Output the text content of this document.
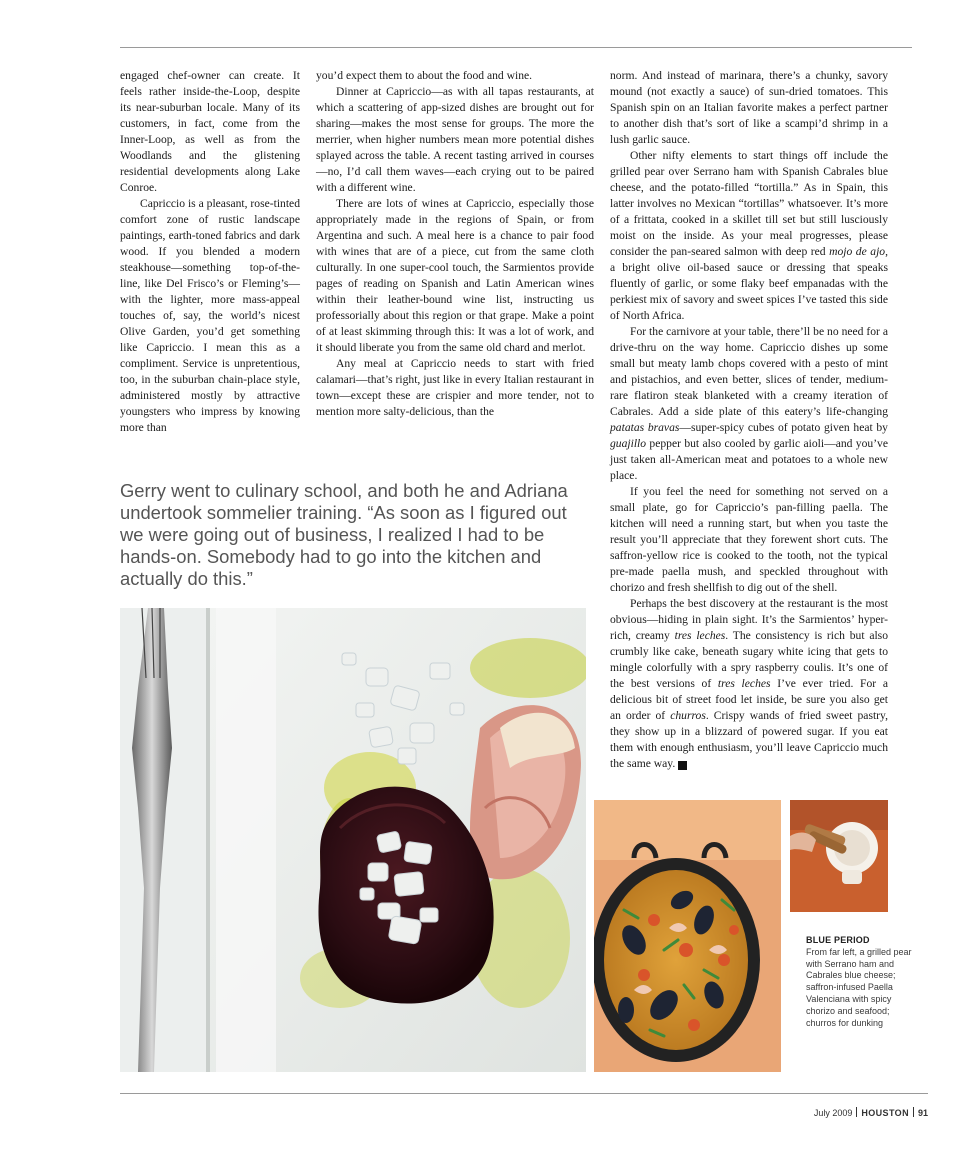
engaged chef-owner can create. It feels rather inside-the-Loop, despite its near-suburban locale. Many of its customers, in fact, come from the Inner-Loop, as well as from the Woodlands and the glistening residential developments along Lake Conroe.

Capriccio is a pleasant, rose-tinted comfort zone of rustic landscape paintings, earth-toned fabrics and dark wood. If you blended a modern steakhouse—something top-of-the-line, like Del Frisco’s or Fleming’s—with the lighter, more mass-appeal touches of, say, the world’s nicest Olive Garden, you’d get something like Capriccio. I mean this as a compliment. Service is unpretentious, too, in the suburban chain-place style, administered mostly by attractive youngsters who impress by knowing more than

you’d expect them to about the food and wine.

Dinner at Capriccio—as with all tapas restaurants, at which a scattering of app-sized dishes are brought out for sharing—makes the most sense for groups. The more the merrier, when higher numbers mean more potential dishes splayed across the table. A recent tasting arrived in courses—no, I’d call them waves—each crying out to be paired with a different wine.

There are lots of wines at Capriccio, especially those appropriately made in the regions of Spain, or from Argentina and such. A meal here is a chance to pair food with wines that are of a piece, cut from the same cloth culturally. In one super-cool touch, the Sarmientos provide pages of reading on Spanish and Latin American wines within their leather-bound wine list, instructing us professorially about this region or that grape. Make a point of at least skimming through this: It was a lot of work, and it should liberate you from the same old chard and merlot.

Any meal at Capriccio needs to start with fried calamari—that’s right, just like in every Italian restaurant in town—except these are crispier and more tender, not to mention more salty-delicious, than the

norm. And instead of marinara, there’s a chunky, savory mound (not exactly a sauce) of sun-dried tomatoes. This Spanish spin on an Italian favorite makes a perfect partner to another dish that’s sort of like a scampi’d shrimp in a lush garlic sauce.

Other nifty elements to start things off include the grilled pear over Serrano ham with Spanish Cabrales blue cheese, and the potato-filled “tortilla.” As in Spain, this latter involves no Mexican “tortillas” whatsoever. It’s more of a frittata, cooked in a skillet till set but still lusciously moist on the inside. As your meal progresses, please consider the pan-seared salmon with deep red mojo de ajo, a bright olive oil-based sauce or dressing that speaks fluently of garlic, or some flaky beef empanadas with the perkiest mix of savory and sweet spices I’ve tasted this side of North Africa.

For the carnivore at your table, there’ll be no need for a drive-thru on the way home. Capriccio dishes up some small but meaty lamb chops covered with a pesto of mint and pistachios, and even better, slices of tender, medium-rare flatiron steak blanketed with a creamy iteration of Cabrales. Add a side plate of this eatery’s life-changing patatas bravas—super-spicy cubes of potato given heat by guajillo pepper but also cooled by garlic aioli—and you’ve just taken all-American meat and potatoes to a whole new place.

If you feel the need for something not served on a small plate, go for Capriccio’s pan-filling paella. The kitchen will need a running start, but when you taste the result you’ll appreciate that they forewent short cuts. The saffron-yellow rice is cooked to the tooth, not the typical pre-made paella mush, and speckled throughout with chorizo and fresh shellfish to dig out of the shell.

Perhaps the best discovery at the restaurant is the most obvious—hiding in plain sight. It’s the Sarmientos’ hyper-rich, creamy tres leches. The consistency is rich but also crumbly like cake, beneath sugary white icing that gets to mingle colorfully with a spry raspberry coulis. It’s one of the best versions of tres leches I’ve ever tried. For a delicious bit of street food let inside, be sure you also get an order of churros. Crispy wands of fried sweet pastry, they show up in a blizzard of powered sugar. If you eat them with enough enthusiasm, you’ll leave Capriccio much the same way.	H

Gerry went to culinary school, and both he and Adriana undertook sommelier training. “As soon as I figured out we were going out of business, I realized I had to be hands-on. Somebody had to go into the kitchen and actually do this.”
BLUE PERIOD
From far left, a grilled pear with Serrano ham and Cabrales blue cheese; saffron-infused Paella Valenciana with spicy chorizo and seafood; churros for dunking
July 2009 HOUSTON 91
